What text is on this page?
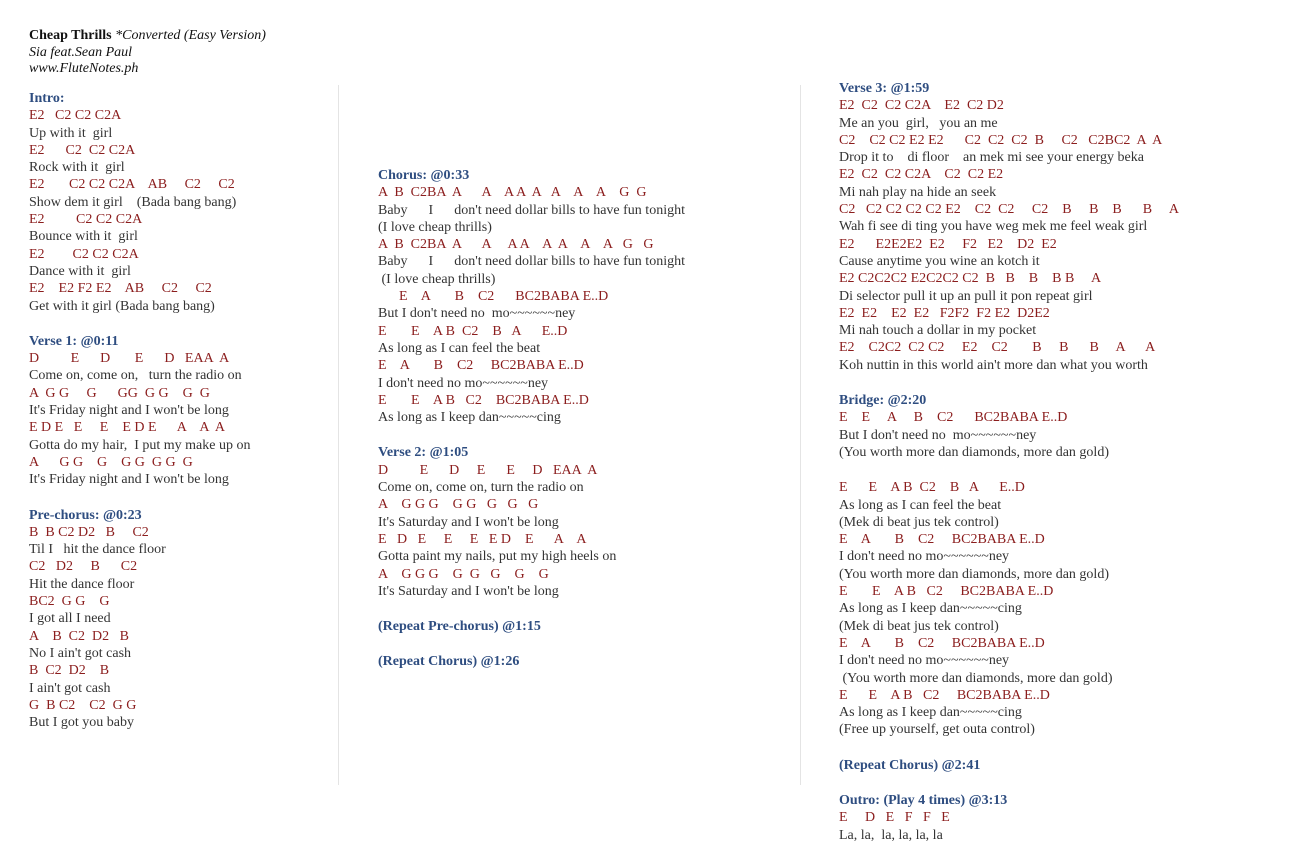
Cheap Thrills *Converted (Easy Version)
Sia feat.Sean Paul
www.FluteNotes.ph
Intro:
E2   C2 C2 C2A
Up with it  girl
E2      C2  C2 C2A
Rock with it  girl
E2       C2 C2 C2A    AB     C2     C2
Show dem it girl    (Bada bang bang)
E2         C2 C2 C2A
Bounce with it  girl
E2        C2 C2 C2A
Dance with it  girl
E2    E2 F2 E2    AB     C2     C2
Get with it girl (Bada bang bang)
Verse 1: @0:11
D         E      D       E      D   EAA  A
Come on, come on,   turn the radio on
A  G G     G      GG  G G    G  G
It's Friday night and I won't be long
E D E   E     E    E D E      A    A  A
Gotta do my hair,  I put my make up on
A      G G    G    G G  G G  G
It's Friday night and I won't be long
Pre-chorus: @0:23
B  B C2 D2   B     C2
Til I   hit the dance floor
C2   D2     B      C2
Hit the dance floor
BC2  G G    G
I got all I need
A    B  C2  D2   B
No I ain't got cash
B  C2  D2    B
I ain't got cash
G  B C2    C2  G G
But I got you baby
Chorus: @0:33
A  B  C2BA  A      A    A A  A   A    A    A    G  G
Baby      I      don't need dollar bills to have fun tonight
(I love cheap thrills)
A  B  C2BA  A      A     A A    A  A    A    A   G   G
Baby      I      don't need dollar bills to have fun tonight
(I love cheap thrills)
E    A       B    C2      BC2BABA E..D
But I don't need no  mo~~~~~~ney
E       E    A B  C2    B   A      E..D
As long as I can feel the beat
E    A       B    C2     BC2BABA E..D
I don't need no mo~~~~~~ney
E       E    A B   C2    BC2BABA E..D
As long as I keep dan~~~~~cing
Verse 2: @1:05
D         E      D     E      E     D   EAA  A
Come on, come on, turn the radio on
A    G G G    G G   G   G   G
It's Saturday and I won't be long
E   D   E     E     E   E D    E      A    A
Gotta paint my nails, put my high heels on
A    G G G    G  G   G    G    G
It's Saturday and I won't be long
(Repeat Pre-chorus) @1:15
(Repeat Chorus) @1:26
Verse 3: @1:59
E2  C2  C2 C2A    E2  C2 D2
Me an you  girl,   you an me
C2    C2 C2 E2 E2      C2  C2  C2  B     C2   C2BC2  A  A
Drop it to    di floor    an mek mi see your energy beka
E2  C2  C2 C2A    C2  C2 E2
Mi nah play na hide an seek
C2   C2 C2 C2 C2 E2    C2  C2     C2    B     B    B      B     A
Wah fi see di ting you have weg mek me feel weak girl
E2      E2E2E2  E2     F2   E2    D2  E2
Cause anytime you wine an kotch it
E2 C2C2C2 E2C2C2 C2  B   B    B    B B     A
Di selector pull it up an pull it pon repeat girl
E2  E2    E2  E2   F2F2  F2 E2  D2E2
Mi nah touch a dollar in my pocket
E2    C2C2  C2 C2     E2    C2       B     B      B     A      A
Koh nuttin in this world ain't more dan what you worth
Bridge: @2:20
E    E     A     B    C2      BC2BABA E..D
But I don't need no  mo~~~~~~ney
(You worth more dan diamonds, more dan gold)
E      E    A B  C2    B   A      E..D
As long as I can feel the beat
(Mek di beat jus tek control)
E    A       B    C2     BC2BABA E..D
I don't need no mo~~~~~~ney
(You worth more dan diamonds, more dan gold)
E       E    A B   C2     BC2BABA E..D
As long as I keep dan~~~~~cing
(Mek di beat jus tek control)
E    A       B    C2     BC2BABA E..D
I don't need no mo~~~~~~ney
(You worth more dan diamonds, more dan gold)
E      E    A B   C2     BC2BABA E..D
As long as I keep dan~~~~~cing
(Free up yourself, get outa control)
(Repeat Chorus) @2:41
Outro: (Play 4 times) @3:13
E     D   E   F   F   E
La, la,  la, la, la, la
